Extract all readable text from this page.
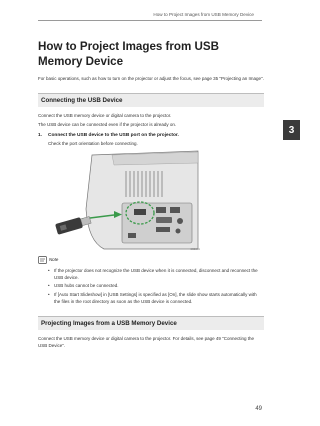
How to Project Images from USB Memory Device
3
How to Project Images from USB Memory Device

For basic operations, such as how to turn on the projector or adjust the focus, see page 35 "Projecting an Image".

Connecting the USB Device

Connect the USB memory device or digital camera to the projector.

The USB device can be connected even if the projector is already on.

1.	Connect the USB device to the USB port on the projector.
Check the port orientation before connecting.
CBE031
Note
• If the projector does not recognize the USB device when it is connected, disconnect and reconnect the USB device.
• USB hubs cannot be connected.
• If [Auto Start Slideshow] in [USB Settings] is specified as [On], the slide show starts automatically with the files in the root directory as soon as the USB device is connected.
Projecting Images from a USB Memory Device

Connect the USB memory device or digital camera to the projector. For details, see page 49 "Connecting the USB Device".

49
